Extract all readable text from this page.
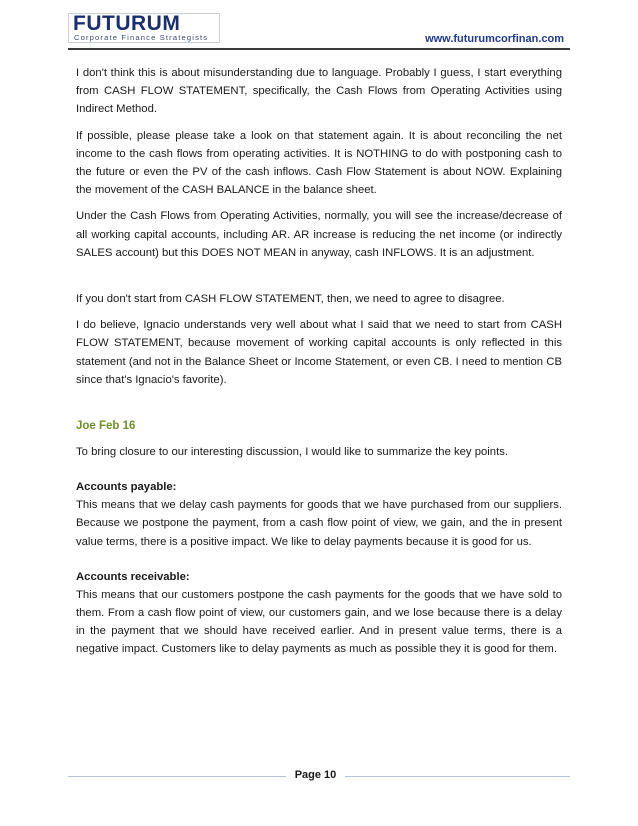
FUTURUM
Corporate Finance Strategists	www.futurumcorfinan.com

I don't think this is about misunderstanding due to language. Probably I guess, I start everything from CASH FLOW STATEMENT, specifically, the Cash Flows from Operating Activities using Indirect Method.

If possible, please please take a look on that statement again. It is about reconciling the net income to the cash flows from operating activities. It is NOTHING to do with postponing cash to the future or even the PV of the cash inflows. Cash Flow Statement is about NOW. Explaining the movement of the CASH BALANCE in the balance sheet.

Under the Cash Flows from Operating Activities, normally, you will see the increase/decrease of all working capital accounts, including AR. AR increase is reducing the net income (or indirectly SALES account) but this DOES NOT MEAN in anyway, cash INFLOWS. It is an adjustment.

If you don't start from CASH FLOW STATEMENT, then, we need to agree to disagree.

I do believe, Ignacio understands very well about what I said that we need to start from CASH FLOW STATEMENT, because movement of working capital accounts is only reflected in this statement (and not in the Balance Sheet or Income Statement, or even CB. I need to mention CB since that's Ignacio's favorite).

Joe Feb 16

To bring closure to our interesting discussion, I would like to summarize the key points.

Accounts payable:

This means that we delay cash payments for goods that we have purchased from our suppliers. Because we postpone the payment, from a cash flow point of view, we gain, and the in present value terms, there is a positive impact. We like to delay payments because it is good for us.

Accounts receivable:

This means that our customers postpone the cash payments for the goods that we have sold to them. From a cash flow point of view, our customers gain, and we lose because there is a delay in the payment that we should have received earlier. And in present value terms, there is a negative impact. Customers like to delay payments as much as possible they it is good for them.

Page 10
